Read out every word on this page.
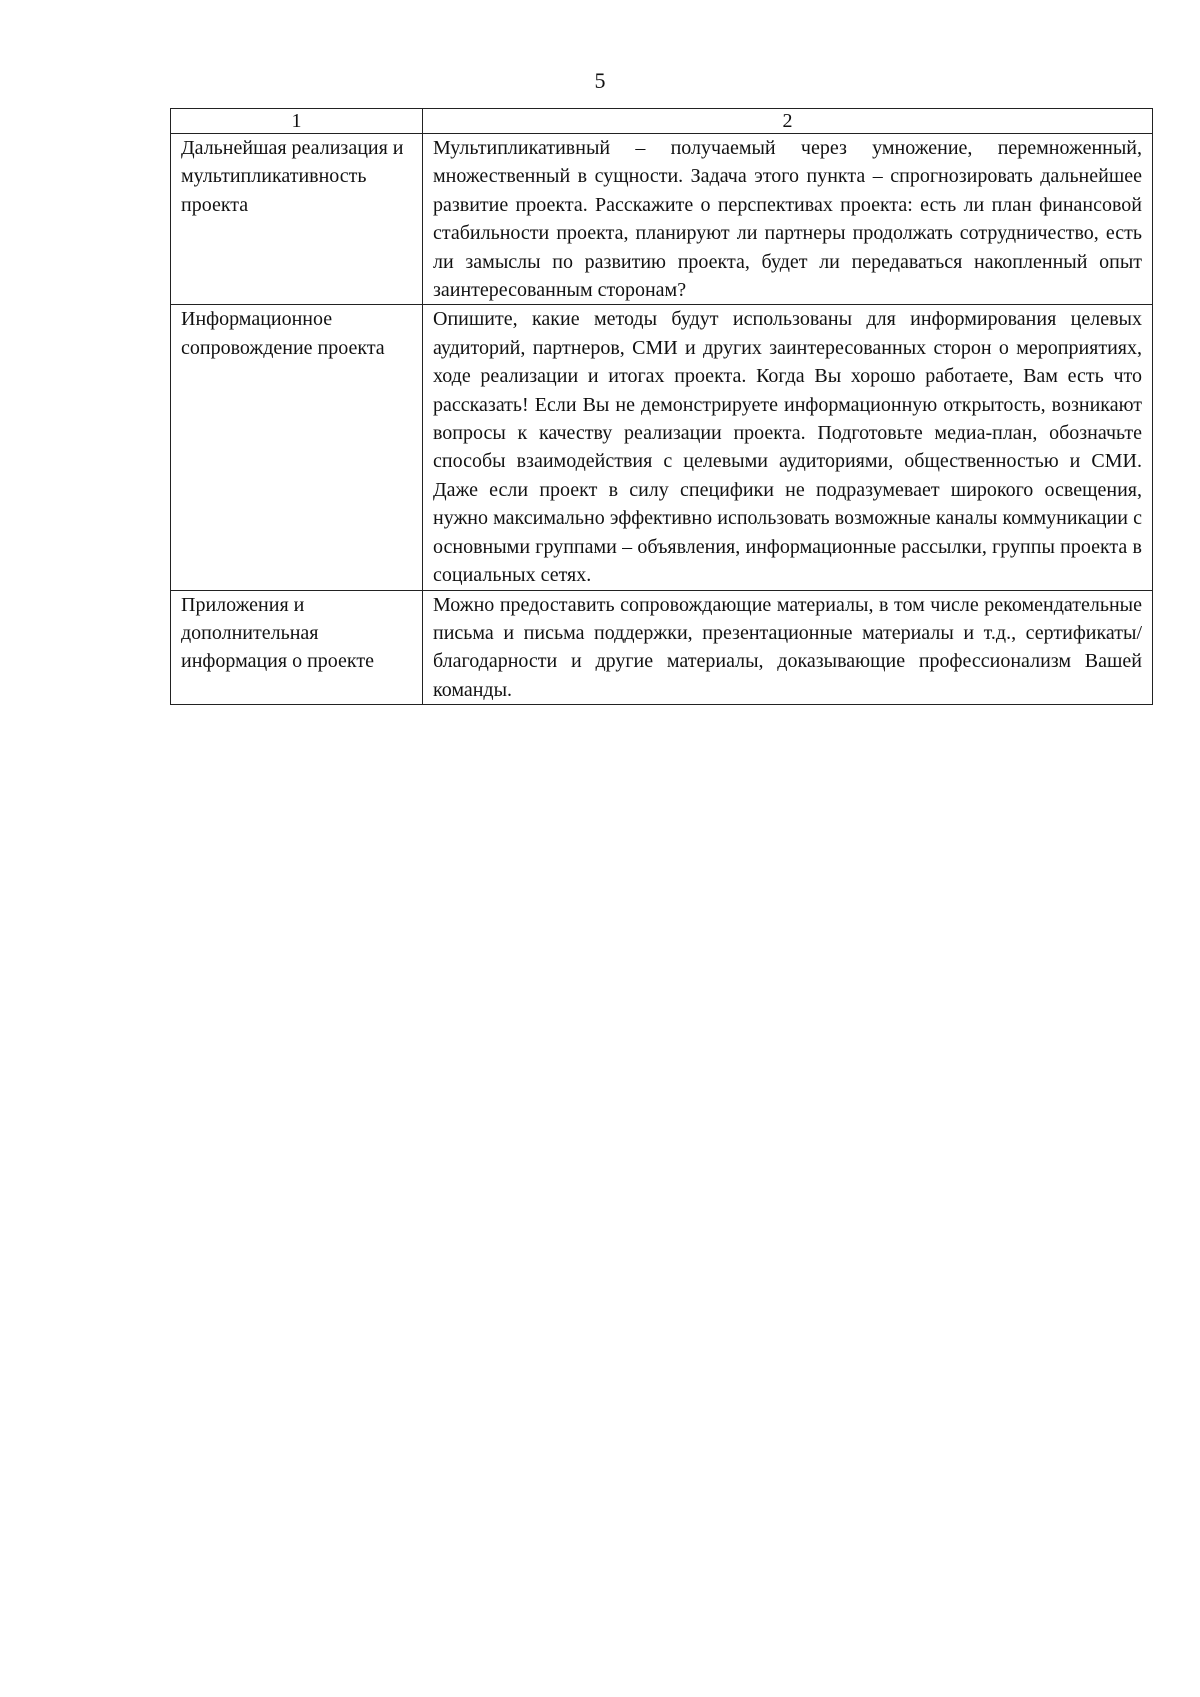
5
1	2
Дальнейшая реализация и мультипликативность проекта	Мультипликативный – получаемый через умножение, перемноженный, множественный в сущности. Задача этого пункта – спрогнозировать дальнейшее развитие проекта. Расскажите о перспективах проекта: есть ли план финансовой стабильности проекта, планируют ли партнеры продолжать сотрудничество, есть ли замыслы по развитию проекта, будет ли передаваться накопленный опыт заинтересованным сторонам?
Информационное сопровождение проекта	Опишите, какие методы будут использованы для информирования целевых аудиторий, партнеров, СМИ и других заинтересованных сторон о мероприятиях, ходе реализации и итогах проекта. Когда Вы хорошо работаете, Вам есть что рассказать! Если Вы не демонстрируете информационную открытость, возникают вопросы к качеству реализации проекта. Подготовьте медиа-план, обозначьте способы взаимодействия с целевыми аудиториями, общественностью и СМИ. Даже если проект в силу специфики не подразумевает широкого освещения, нужно максимально эффективно использовать возможные каналы коммуникации с основными группами – объявления, информационные рассылки, группы проекта в социальных сетях.
Приложения и дополнительная информация о проекте	Можно предоставить сопровождающие материалы, в том числе рекомендательные письма и письма поддержки, презентационные материалы и т.д., сертификаты/благодарности и другие материалы, доказывающие профессионализм Вашей команды.
